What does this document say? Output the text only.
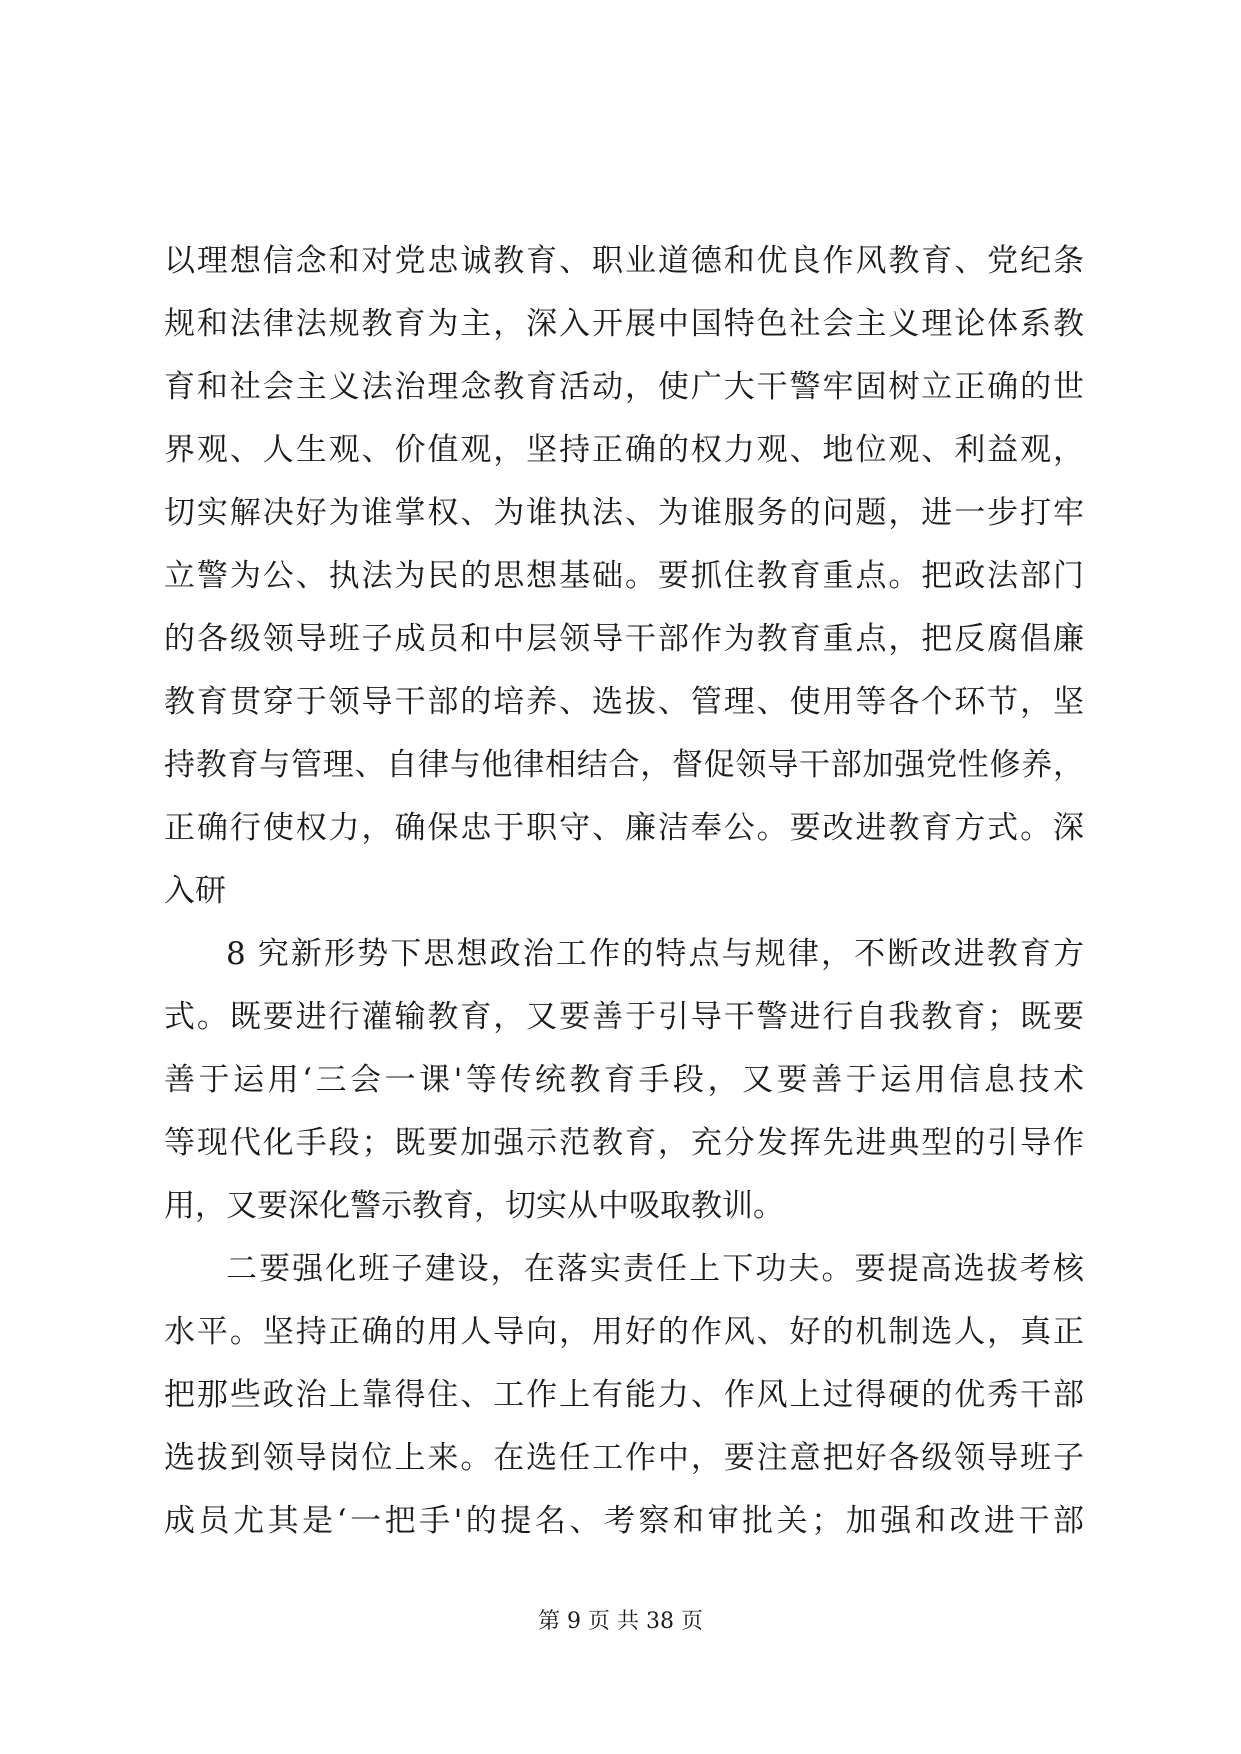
以理想信念和对党忠诚教育、职业道德和优良作风教育、党纪条
规和法律法规教育为主，深入开展中国特色社会主义理论体系教
育和社会主义法治理念教育活动，使广大干警牢固树立正确的世
界观、人生观、价值观，坚持正确的权力观、地位观、利益观，
切实解决好为谁掌权、为谁执法、为谁服务的问题，进一步打牢
立警为公、执法为民的思想基础。要抓住教育重点。把政法部门
的各级领导班子成员和中层领导干部作为教育重点，把反腐倡廉
教育贯穿于领导干部的培养、选拔、管理、使用等各个环节，坚
持教育与管理、自律与他律相结合，督促领导干部加强党性修养，
正确行使权力，确保忠于职守、廉洁奉公。要改进教育方式。深
入研
8 究新形势下思想政治工作的特点与规律，不断改进教育方
式。既要进行灌输教育，又要善于引导干警进行自我教育；既要
善于运用‘三会一课'等传统教育手段，又要善于运用信息技术
等现代化手段；既要加强示范教育，充分发挥先进典型的引导作
用，又要深化警示教育，切实从中吸取教训。
二要强化班子建设，在落实责任上下功夫。要提高选拔考核
水平。坚持正确的用人导向，用好的作风、好的机制选人，真正
把那些政治上靠得住、工作上有能力、作风上过得硬的优秀干部
选拔到领导岗位上来。在选任工作中，要注意把好各级领导班子
成员尤其是‘一把手'的提名、考察和审批关；加强和改进干部
第 9 页 共 38 页
